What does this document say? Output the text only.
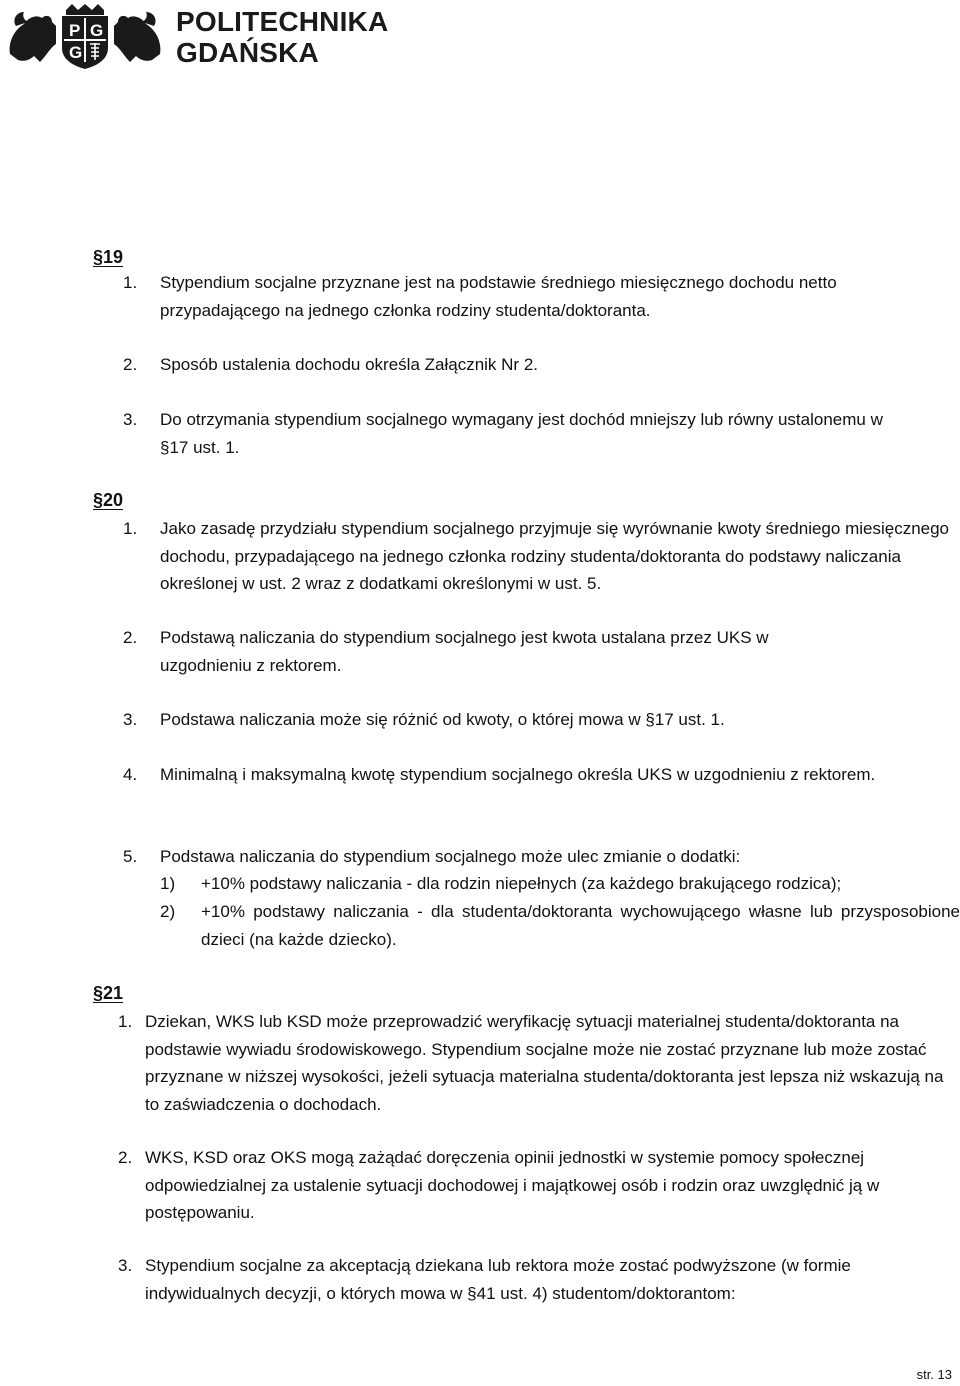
P G
G
POLITECHNIKA
GDAŃSKA
§19
1.	Stypendium socjalne przyznane jest na podstawie średniego miesięcznego dochodu netto przypadającego na jednego członka rodziny studenta/doktoranta.
2.	Sposób ustalenia dochodu określa Załącznik Nr 2.
3.	Do otrzymania stypendium socjalnego wymagany jest dochód mniejszy lub równy ustalonemu w §17 ust. 1.
§20
1.	Jako zasadę przydziału stypendium socjalnego przyjmuje się wyrównanie kwoty średniego miesięcznego dochodu, przypadającego na jednego członka rodziny studenta/doktoranta do podstawy naliczania określonej w ust. 2 wraz z dodatkami określonymi w ust. 5.
2.	Podstawą naliczania do stypendium socjalnego jest kwota ustalana przez UKS w uzgodnieniu z rektorem.
3.	Podstawa naliczania może się różnić od kwoty, o której mowa w §17 ust. 1.
4.	Minimalną i maksymalną kwotę stypendium socjalnego określa UKS w uzgodnieniu z rektorem.
5.	Podstawa naliczania do stypendium socjalnego może ulec zmianie o dodatki:
1)	+10% podstawy naliczania - dla rodzin niepełnych (za każdego brakującego rodzica);
2)	+10% podstawy naliczania - dla studenta/doktoranta wychowującego własne lub przysposobione dzieci (na każde dziecko).
§21
1. Dziekan, WKS lub KSD może przeprowadzić weryfikację sytuacji materialnej studenta/doktoranta na podstawie wywiadu środowiskowego. Stypendium socjalne może nie zostać przyznane lub może zostać przyznane w niższej wysokości, jeżeli sytuacja materialna studenta/doktoranta jest lepsza niż wskazują na to zaświadczenia o dochodach.
2. WKS, KSD oraz OKS mogą zażądać doręczenia opinii jednostki w systemie pomocy społecznej odpowiedzialnej za ustalenie sytuacji dochodowej i majątkowej osób i rodzin oraz uwzględnić ją w postępowaniu.
3. Stypendium socjalne za akceptacją dziekana lub rektora może zostać podwyższone (w formie indywidualnych decyzji, o których mowa w §41 ust. 4) studentom/doktorantom:
str. 13
